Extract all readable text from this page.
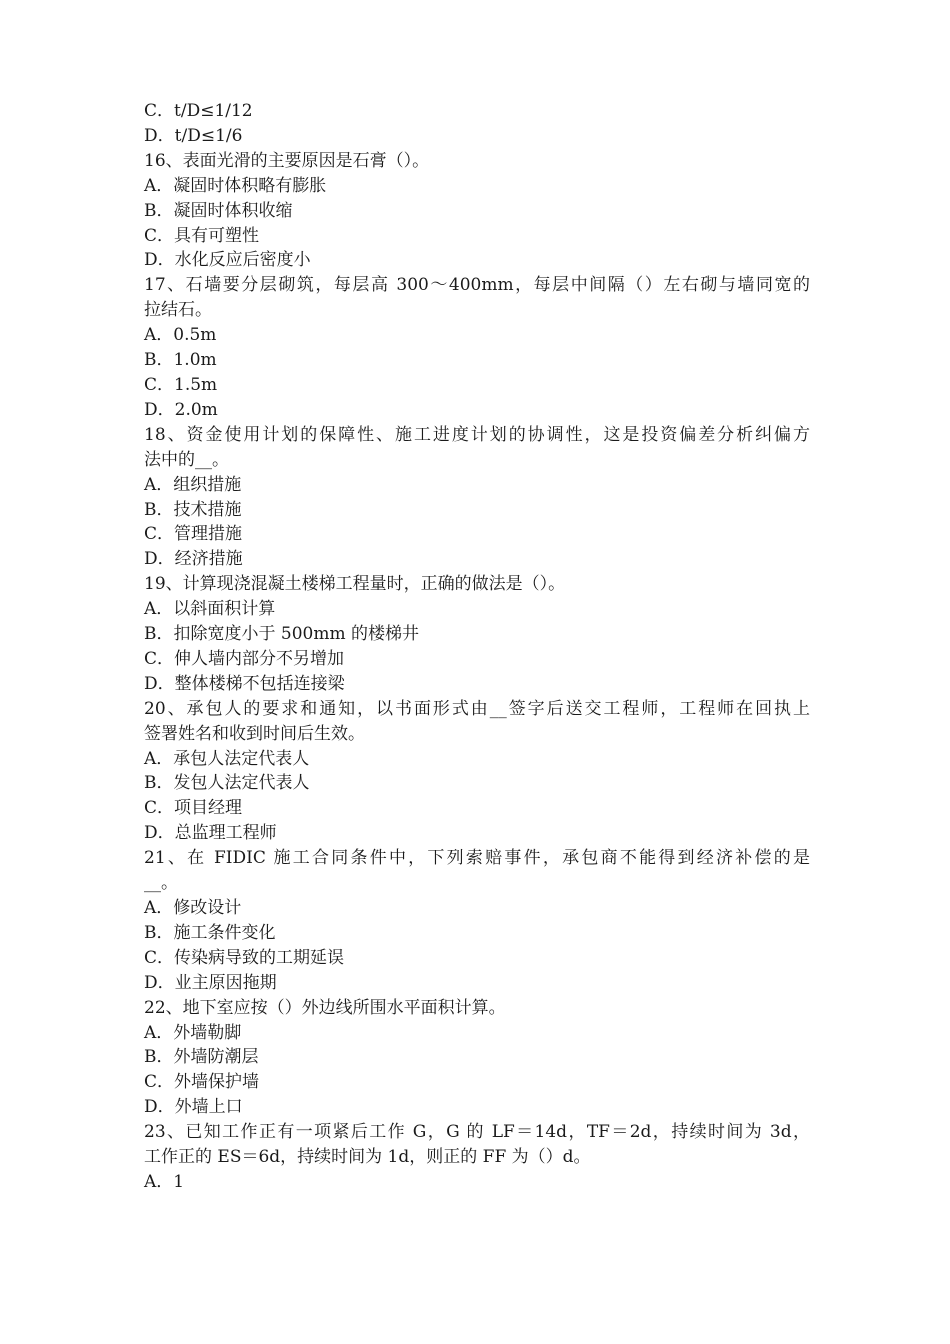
C．t/D≤1/12
D．t/D≤1/6
16、表面光滑的主要原因是石膏（）。
A．凝固时体积略有膨胀
B．凝固时体积收缩
C．具有可塑性
D．水化反应后密度小
17、石墙要分层砌筑，每层高 300～400mm，每层中间隔（）左右砌与墙同宽的
拉结石。
A．0.5m
B．1.0m
C．1.5m
D．2.0m
18、资金使用计划的保障性、施工进度计划的协调性，这是投资偏差分析纠偏方
法中的__。
A．组织措施
B．技术措施
C．管理措施
D．经济措施
19、计算现浇混凝土楼梯工程量时，正确的做法是（）。
A．以斜面积计算
B．扣除宽度小于 500mm 的楼梯井
C．伸人墙内部分不另增加
D．整体楼梯不包括连接梁
20、承包人的要求和通知，以书面形式由__签字后送交工程师，工程师在回执上
签署姓名和收到时间后生效。
A．承包人法定代表人
B．发包人法定代表人
C．项目经理
D．总监理工程师
21、在 FIDIC 施工合同条件中，下列索赔事件，承包商不能得到经济补偿的是
__。
A．修改设计
B．施工条件变化
C．传染病导致的工期延误
D．业主原因拖期
22、地下室应按（）外边线所围水平面积计算。
A．外墙勒脚
B．外墙防潮层
C．外墙保护墙
D．外墙上口
23、已知工作正有一项紧后工作 G，G 的 LF＝14d，TF＝2d，持续时间为 3d，
工作正的 ES＝6d，持续时间为 1d，则正的 FF 为（）d。
A．1
